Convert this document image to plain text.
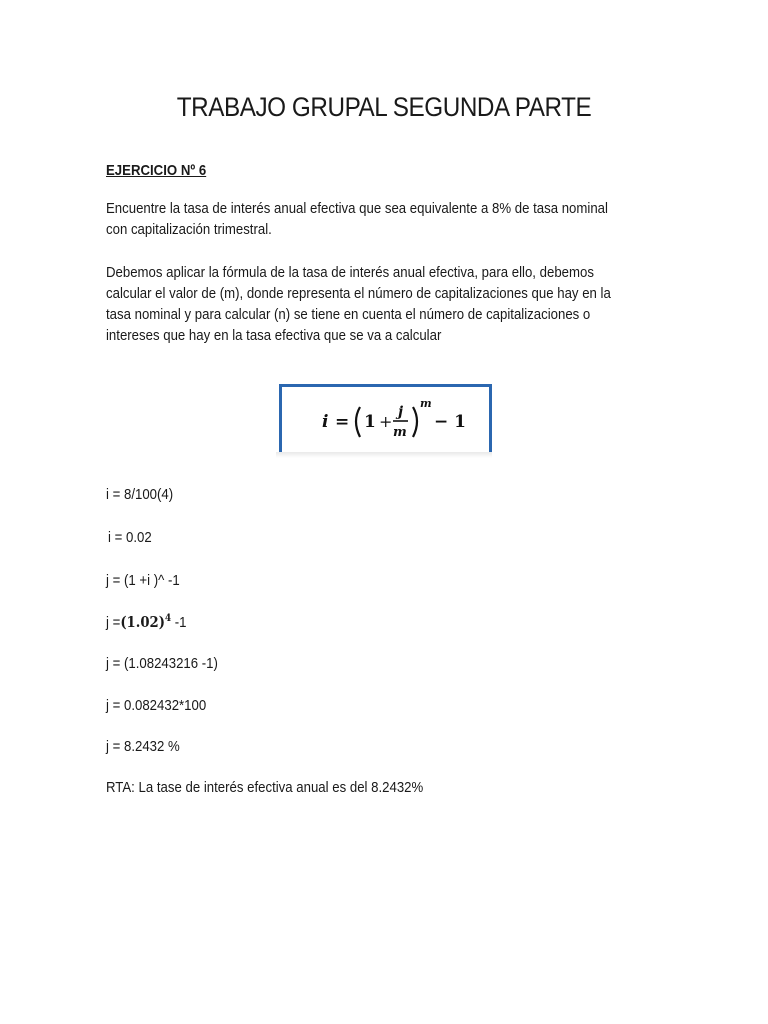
TRABAJO GRUPAL SEGUNDA PARTE
EJERCICIO Nº 6
Encuentre la tasa de interés anual efectiva que sea equivalente a 8% de tasa nominal
con capitalización trimestral.
Debemos aplicar la fórmula de la tasa de interés anual efectiva, para ello, debemos
calcular el valor de (m), donde representa el número de capitalizaciones que hay en la
tasa nominal y para calcular (n) se tiene en cuenta el número de capitalizaciones o
intereses que hay en la tasa efectiva que se va a calcular
i = 1 + j
m
m
− 1
i = 8/100(4)
i = 0.02
j = (1 +i )^ -1
$j =(1.02)^4$ -1
j = (1.08243216 -1)
j = 0.082432*100
j = 8.2432 %
RTA: La tase de interés efectiva anual es del 8.2432%
